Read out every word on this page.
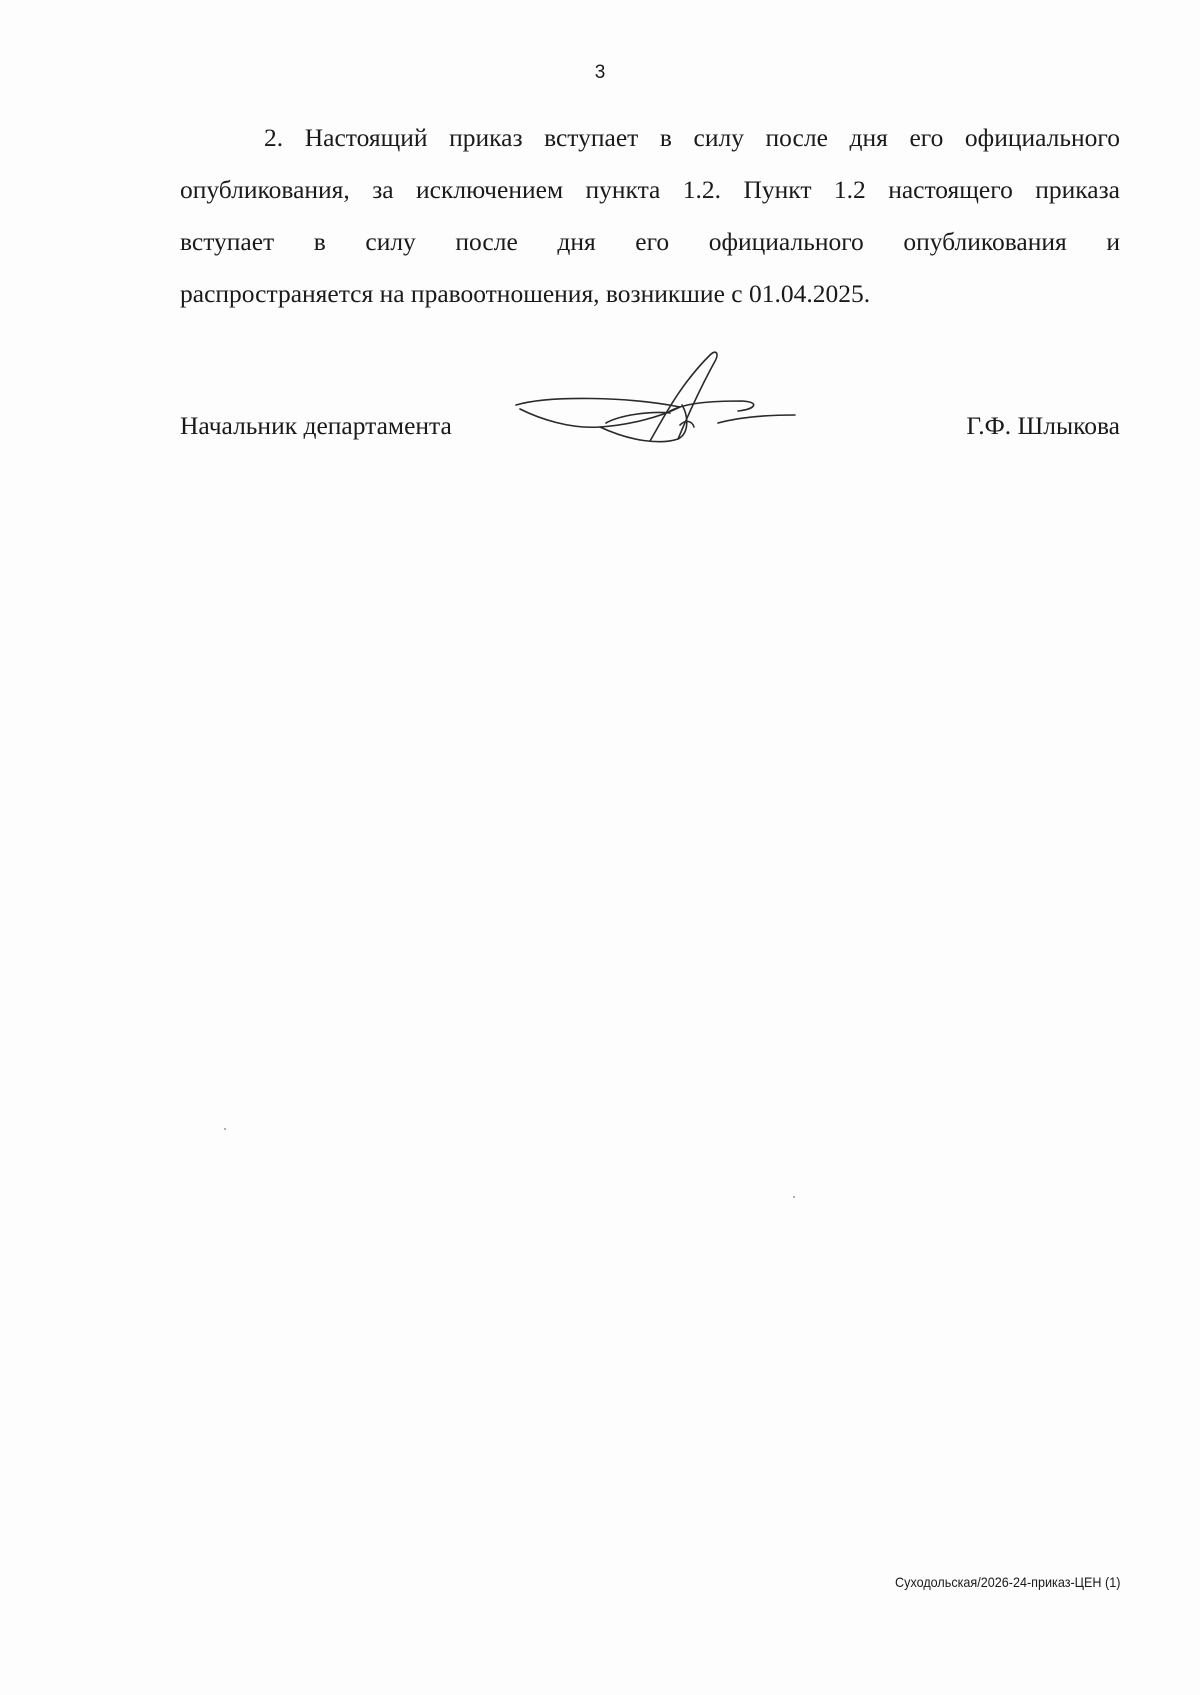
3
2. Настоящий приказ вступает в силу после дня его официального
опубликования, за исключением пункта 1.2. Пункт 1.2 настоящего приказа
вступает в силу после дня его официального опубликования и
распространяется на правоотношения, возникшие с 01.04.2025.
Начальник департамента	Г.Ф. Шлыкова
Суходольская/2026-24-приказ-ЦЕН (1)
